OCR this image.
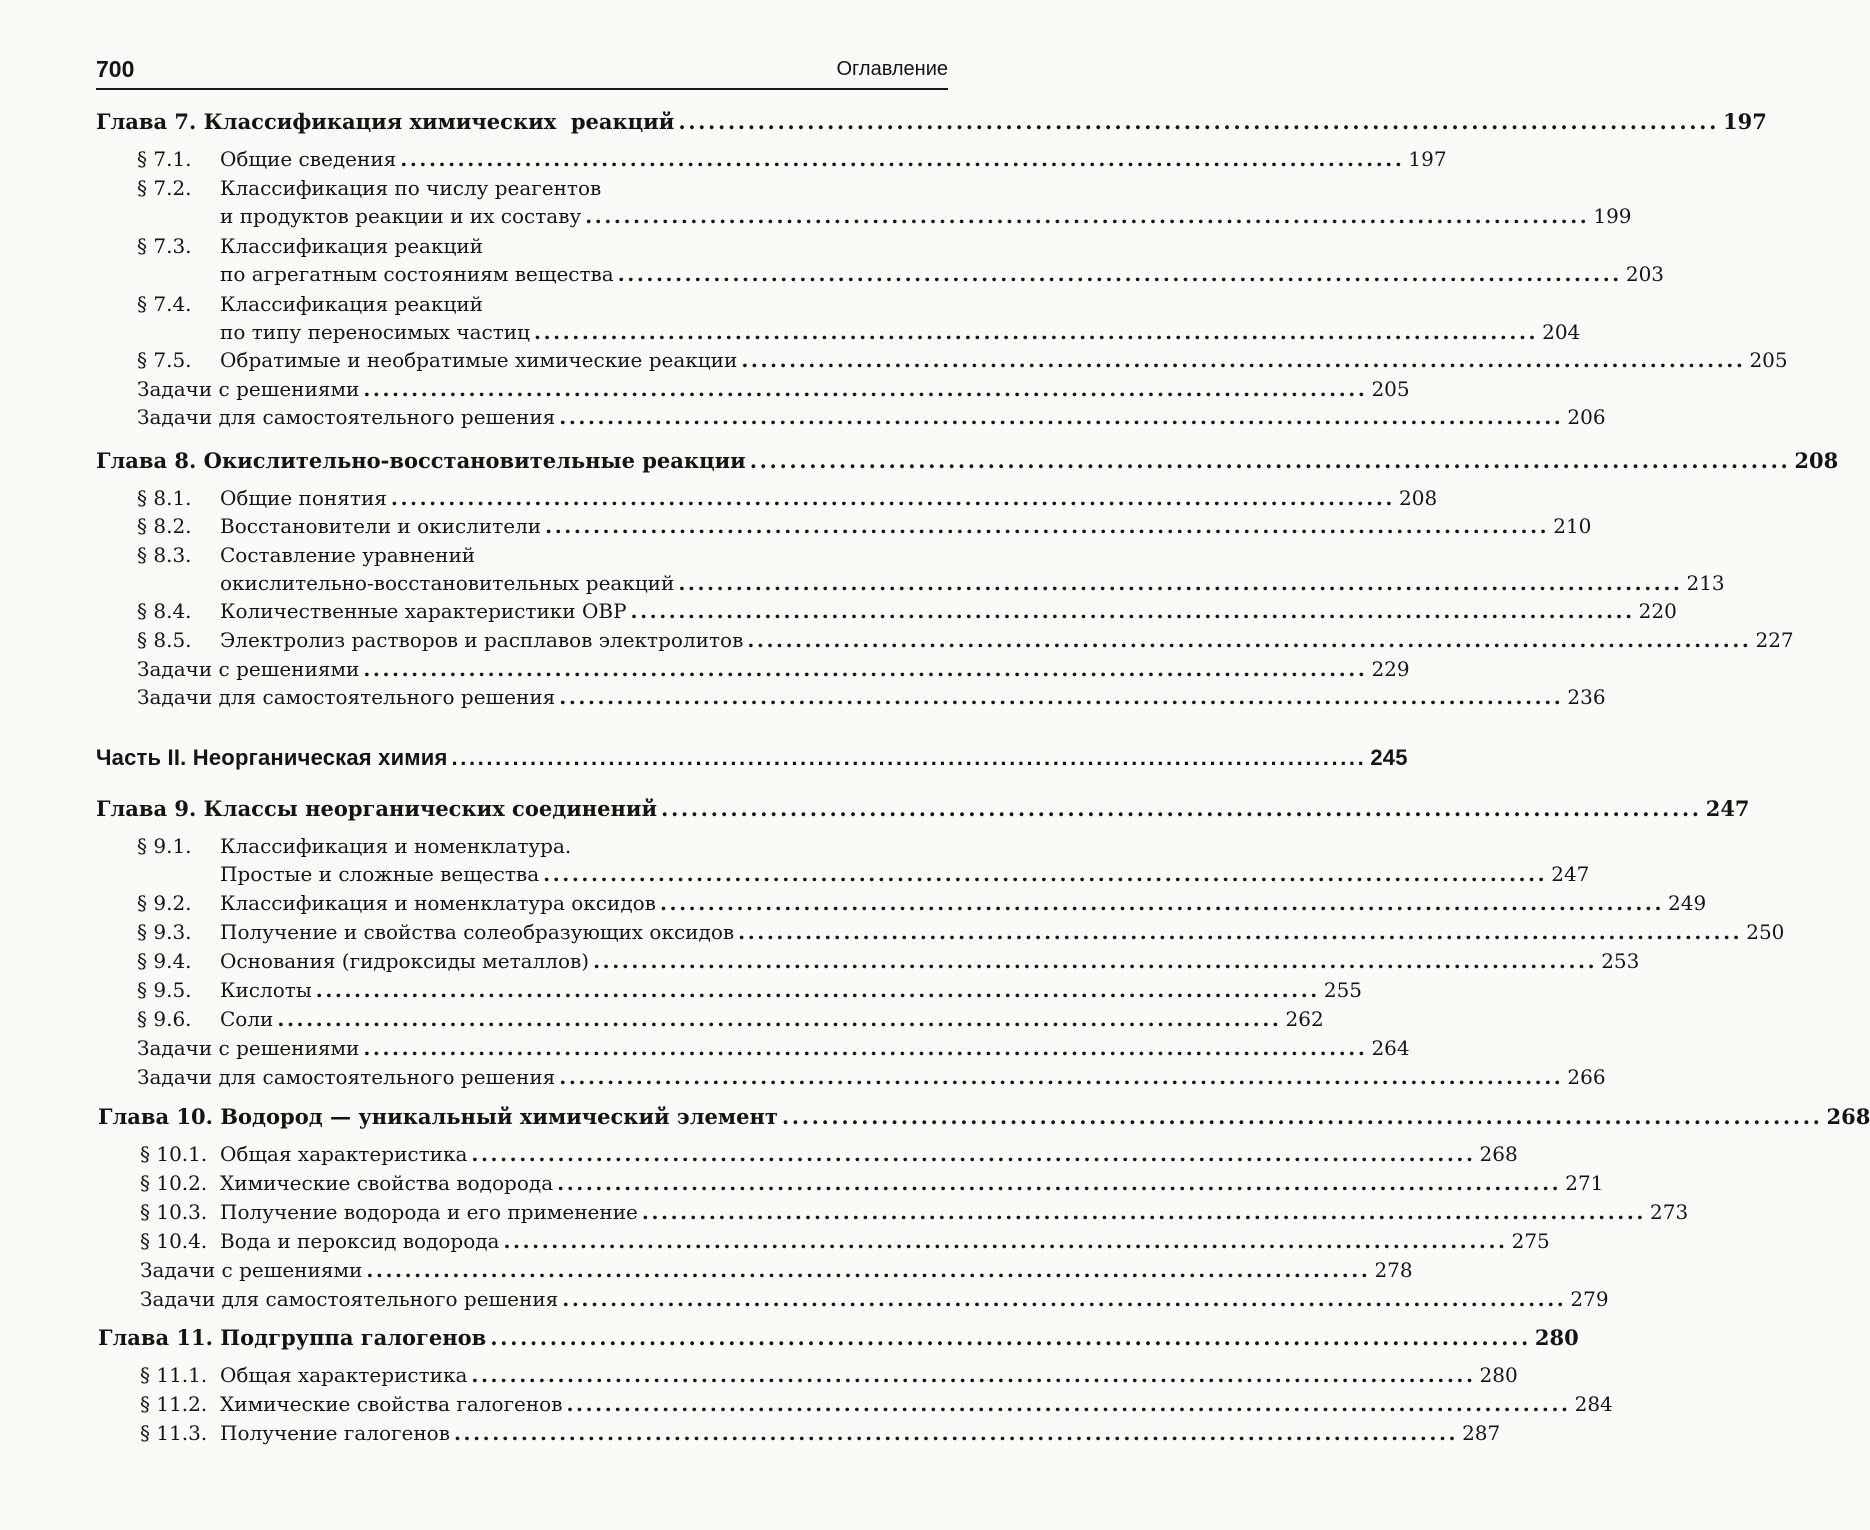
700	Оглавление
Глава 7. Классификация химических  реакций ......................................................................................................... 197
§ 7.1.	Общие сведения ......................................................................................................... 197
§ 7.2. Классификация по числу реагентов
и продуктов реакции и их составу ......................................................................................................... 199
§ 7.3. Классификация реакций
по агрегатным состояниям вещества ......................................................................................................... 203
§ 7.4. Классификация реакций
по типу переносимых частиц ......................................................................................................... 204
§ 7.5.	Обратимые и необратимые химические реакции ......................................................................................................... 205
Задачи с решениями ......................................................................................................... 205
Задачи для самостоятельного решения ......................................................................................................... 206
Глава 8. Окислительно-восстановительные реакции ......................................................................................................... 208
§ 8.1.	Общие понятия ......................................................................................................... 208
§ 8.2.	Восстановители и окислители ......................................................................................................... 210
§ 8.3. Составление уравнений
окислительно-восстановительных реакций ......................................................................................................... 213
§ 8.4.	Количественные характеристики ОВР ......................................................................................................... 220
§ 8.5.	Электролиз растворов и расплавов электролитов ......................................................................................................... 227
Задачи с решениями ......................................................................................................... 229
Задачи для самостоятельного решения ......................................................................................................... 236
Часть II. Неорганическая химия ......................................................................................................... 245
Глава 9. Классы неорганических соединений ......................................................................................................... 247
§ 9.1. Классификация и номенклатура.
Простые и сложные вещества ......................................................................................................... 247
§ 9.2.	Классификация и номенклатура оксидов ......................................................................................................... 249
§ 9.3.	Получение и свойства солеобразующих оксидов ......................................................................................................... 250
§ 9.4.	Основания (гидроксиды металлов) ......................................................................................................... 253
§ 9.5.	Кислоты ......................................................................................................... 255
§ 9.6.	Соли ......................................................................................................... 262
Задачи с решениями ......................................................................................................... 264
Задачи для самостоятельного решения ......................................................................................................... 266
Глава 10. Водород — уникальный химический элемент ......................................................................................................... 268
§ 10.1. Общая характеристика ......................................................................................................... 268
§ 10.2. Химические свойства водорода ......................................................................................................... 271
§ 10.3. Получение водорода и его применение ......................................................................................................... 273
§ 10.4. Вода и пероксид водорода ......................................................................................................... 275
Задачи с решениями ......................................................................................................... 278
Задачи для самостоятельного решения ......................................................................................................... 279
Глава 11. Подгруппа галогенов ......................................................................................................... 280
§ 11.1. Общая характеристика ......................................................................................................... 280
§ 11.2. Химические свойства галогенов ......................................................................................................... 284
§ 11.3. Получение галогенов ......................................................................................................... 287
